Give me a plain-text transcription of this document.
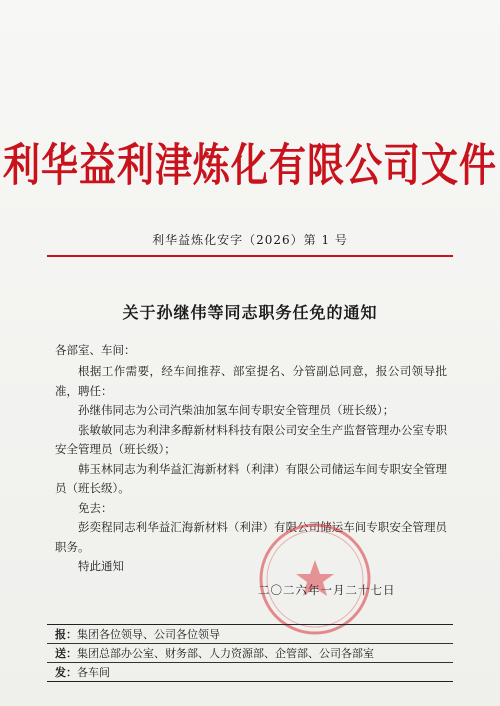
利华益利津炼化有限公司文件
利华益炼化安字（2026）第 1 号
关于孙继伟等同志职务任免的通知
各部室、车间：

根据工作需要，经车间推荐、部室提名、分管副总同意，报公司领导批准，聘任：

孙继伟同志为公司汽柴油加氢车间专职安全管理员（班长级）；

张敏敏同志为利津多醇新材料科技有限公司安全生产监督管理办公室专职安全管理员（班长级）；

韩玉林同志为利华益汇海新材料（利津）有限公司储运车间专职安全管理员（班长级）。

免去：

彭奕程同志利华益汇海新材料（利津）有限公司储运车间专职安全管理员职务。

特此通知

二〇二六年一月二十七日
报：集团各位领导、公司各位领导
送：集团总部办公室、财务部、人力资源部、企管部、公司各部室
发：各车间
